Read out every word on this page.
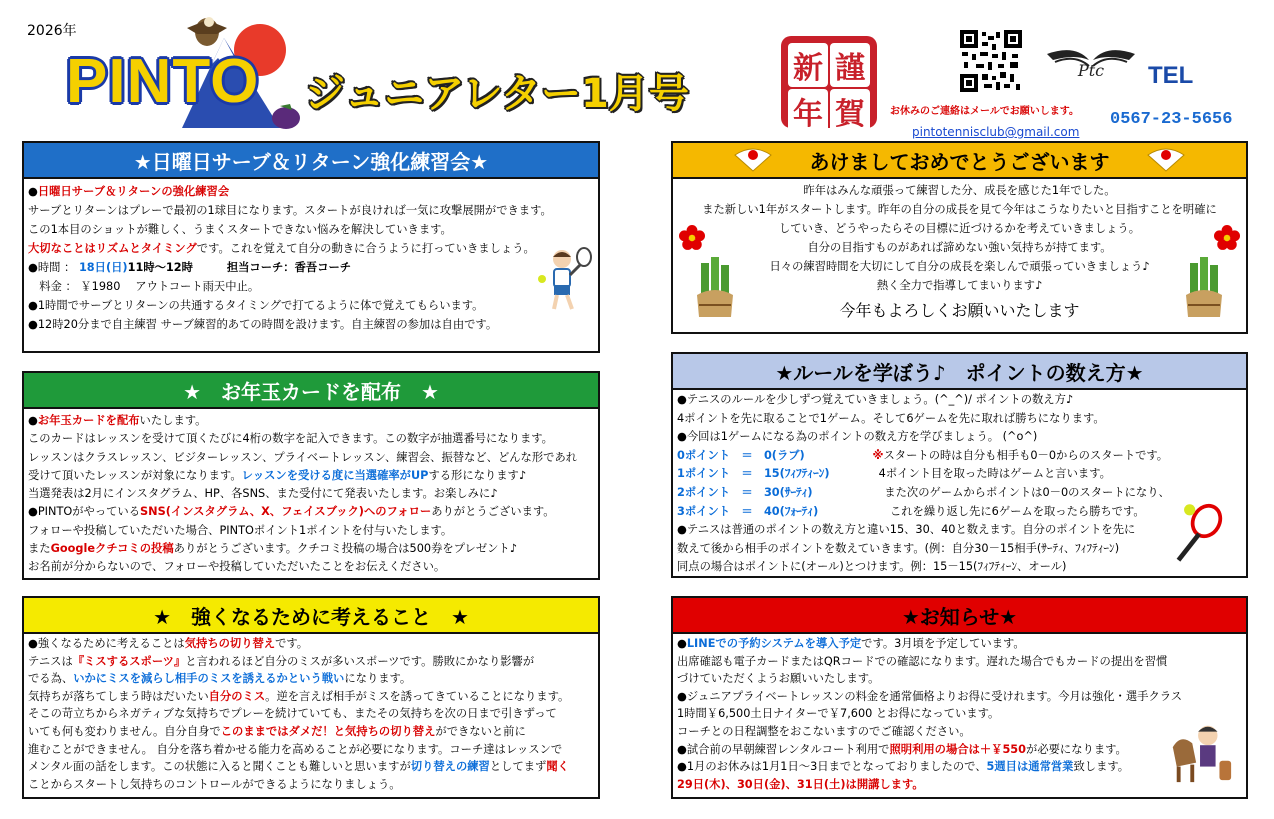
2026年
PINTO ジュニアレター1月号
新 謹
年 賀
Ptc TEL
お休みのご連絡はメールでお願いします。 0567-23-5656
pintotennisclub@gmail.com
★日曜日サーブ＆リターン強化練習会★
●日曜日サーブ＆リターンの強化練習会
サーブとリターンはプレーで最初の1球目になります。スタートが良ければ一気に攻撃展開ができます。
この1本目のショットが難しく、うまくスタートできない悩みを解決していきます。
大切なことはリズムとタイミングです。これを覚えて自分の動きに合うように打っていきましょう。
●時間 ： 18日(日)11時～12時　　　担当コーチ：香吾コーチ
　料金 ： ￥1980　 アウトコート雨天中止。
●1時間でサーブとリターンの共通するタイミングで打てるように体で覚えてもらいます。
●12時20分まで自主練習 サーブ練習的あての時間を設けます。自主練習の参加は自由です。
★　お年玉カードを配布　★
●お年玉カードを配布いたします。
このカードはレッスンを受けて頂くたびに4桁の数字を記入できます。この数字が抽選番号になります。
レッスンはクラスレッスン、ビジターレッスン、プライベートレッスン、練習会、振替など、どんな形であれ
受けて頂いたレッスンが対象になります。レッスンを受ける度に当選確率がUPする形になります♪
当選発表は2月にインスタグラム、HP、各SNS、また受付にて発表いたします。お楽しみに♪
●PINTOがやっているSNS(インスタグラム、X、フェイスブック)へのフォローありがとうございます。
フォローや投稿していただいた場合、PINTOポイント1ポイントを付与いたします。
またGoogleクチコミの投稿ありがとうございます。クチコミ投稿の場合は500券をプレゼント♪
お名前が分からないので、フォローや投稿していただいたことをお伝えください。
★　強くなるために考えること　★
●強くなるために考えることは気持ちの切り替えです。
テニスは『ミスするスポーツ』と言われるほど自分のミスが多いスポーツです。勝敗にかなり影響が
でる為、いかにミスを減らし相手のミスを誘えるかという戦いになります。
気持ちが落ちてしまう時はだいたい自分のミス。逆を言えば相手がミスを誘ってきていることになります。
そこの苛立ちからネガティブな気持ちでプレーを続けていても、またその気持ちを次の日まで引きずって
いても何も変わりません。自分自身でこのままではダメだ！と気持ちの切り替えができないと前に
進むことができません。 自分を落ち着かせる能力を高めることが必要になります。コーチ達はレッスンで
メンタル面の話をします。この状態に入ると聞くことも難しいと思いますが切り替えの練習としてまず聞く
ことからスタートし気持ちのコントロールができるようになりましょう。
あけましておめでとうございます
昨年はみんな頑張って練習した分、成長を感じた1年でした。
また新しい1年がスタートします。昨年の自分の成長を見て今年はこうなりたいと目指すことを明確に
していき、どうやったらその目標に近づけるかを考えていきましょう。
自分の目指すものがあれば諦めない強い気持ちが持てます。
日々の練習時間を大切にして自分の成長を楽しんで頑張っていきましょう♪
熱く全力で指導してまいります♪
今年もよろしくお願いいたします
★ルールを学ぼう♪　ポイントの数え方★
●テニスのルールを少しずつ覚えていきましょう。(^_^)/ ポイントの数え方♪
4ポイントを先に取ることで1ゲーム。そして6ゲームを先に取れば勝ちになります。
●今回は1ゲームになる為のポイントの数え方を学びましょう。 (^o^)
0ポイント　＝　0(ラブ)　　　　　　※スタートの時は自分も相手も0－0からのスタートです。
1ポイント　＝　15(ﾌｨﾌﾃｨｰﾝ)　　　　 4ポイント目を取った時はゲームと言います。
2ポイント　＝　30(ｻｰﾃｨ)　　　　　　 また次のゲームからポイントは0－0のスタートになり、
3ポイント　＝　40(ﾌｫｰﾃｨ)　　　　　　 これを繰り返し先に6ゲームを取ったら勝ちです。
●テニスは普通のポイントの数え方と違い15、30、40と数えます。自分のポイントを先に
数えて後から相手のポイントを数えていきます。(例：自分30－15相手(ｻｰﾃｨ、ﾌｨﾌﾃｨｰﾝ)
同点の場合はポイントに(オール)とつけます。例：15－15(ﾌｨﾌﾃｨｰﾝ、オール)
★お知らせ★
●LINEでの予約システムを導入予定です。3月頃を予定しています。
出席確認も電子カードまたはQRコードでの確認になります。遅れた場合でもカードの提出を習慣
づけていただくようお願いいたします。
●ジュニアプライベートレッスンの料金を通常価格よりお得に受けれます。今月は強化・選手クラス
1時間￥6,500土日ナイターで￥7,600 とお得になっています。
コーチとの日程調整をおこないますのでご確認ください。
●試合前の早朝練習レンタルコート利用で照明利用の場合は＋￥550が必要になります。
●1月のお休みは1月1日～3日までとなっておりましたので、5週目は通常営業致します。
29日(木)、30日(金)、31日(土)は開講します。
